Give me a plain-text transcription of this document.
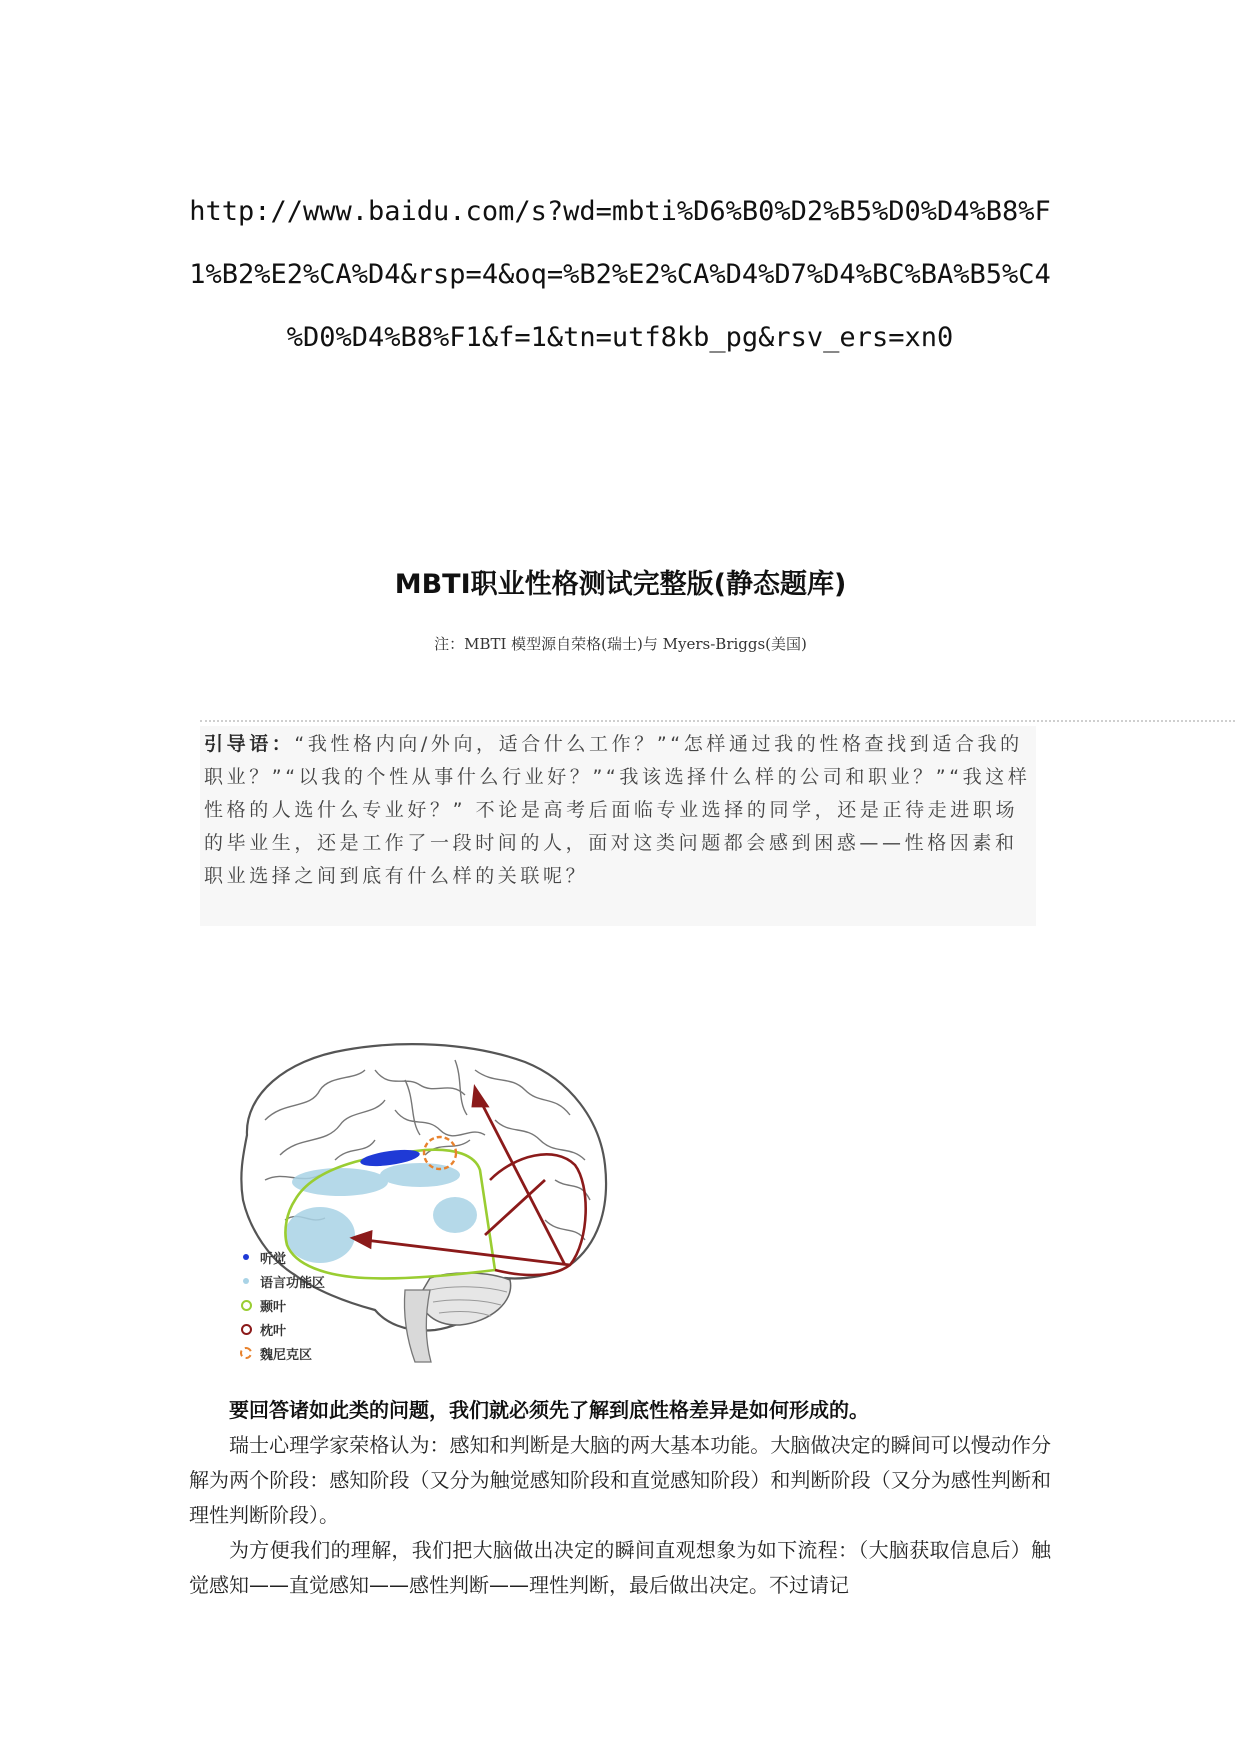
http://www.baidu.com/s?wd=mbti%D6%B0%D2%B5%D0%D4%B8%F
1%B2%E2%CA%D4&rsp=4&oq=%B2%E2%CA%D4%D7%D4%BC%BA%B5%C4
%D0%D4%B8%F1&f=1&tn=utf8kb_pg&rsv_ers=xn0
MBTI职业性格测试完整版(静态题库)
注：MBTI 模型源自荣格(瑞士)与 Myers-Briggs(美国)
引导语：“我性格内向/外向，适合什么工作？”“怎样通过我的性格查找到适合我的职业？”“以我的个性从事什么行业好？”“我该选择什么样的公司和职业？”“我这样性格的人选什么专业好？” 不论是高考后面临专业选择的同学，还是正待走进职场的毕业生，还是工作了一段时间的人，面对这类问题都会感到困惑——性格因素和职业选择之间到底有什么样的关联呢？
听觉
语言功能区
颞叶
枕叶
魏尼克区

要回答诸如此类的问题，我们就必须先了解到底性格差异是如何形成的。

瑞士心理学家荣格认为：感知和判断是大脑的两大基本功能。大脑做决定的瞬间可以慢动作分解为两个阶段：感知阶段（又分为触觉感知阶段和直觉感知阶段）和判断阶段（又分为感性判断和理性判断阶段）。

为方便我们的理解，我们把大脑做出决定的瞬间直观想象为如下流程：（大脑获取信息后）触觉感知——直觉感知——感性判断——理性判断，最后做出决定。不过请记
